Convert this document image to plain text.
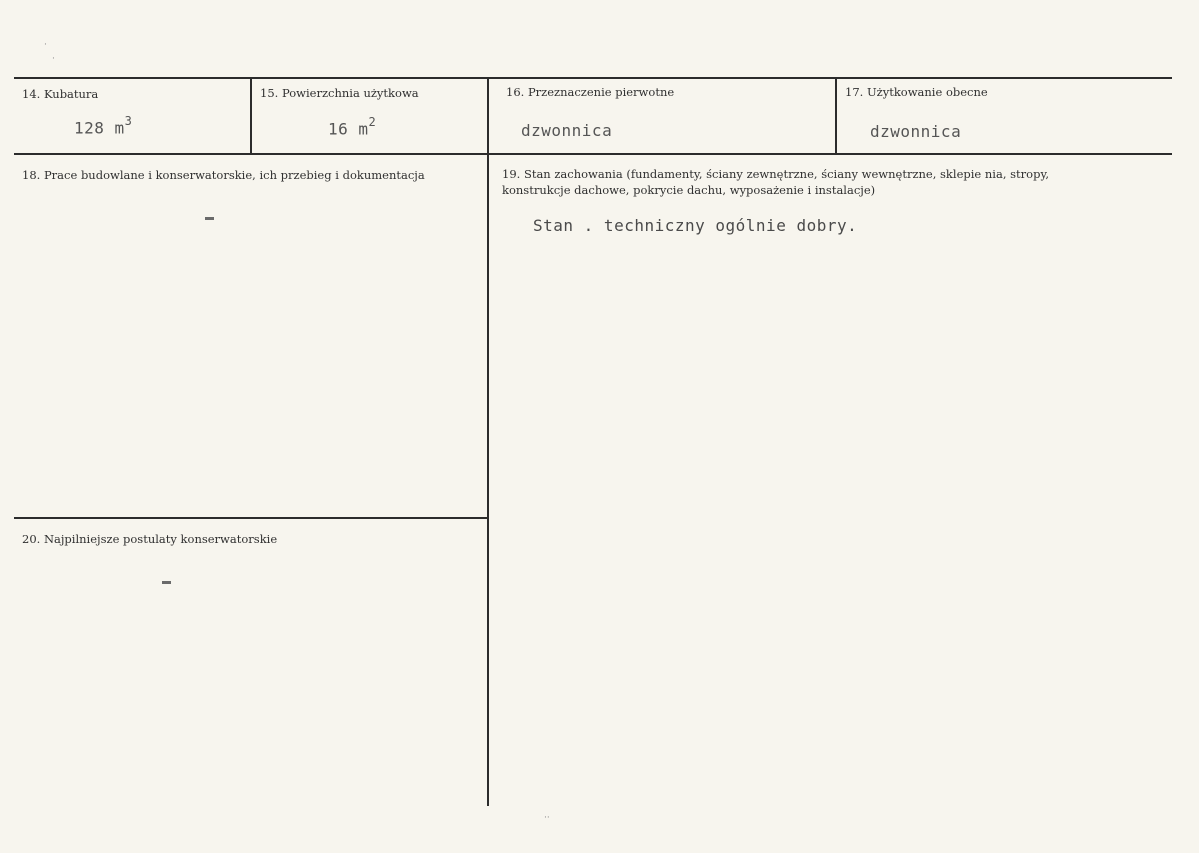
14. Kubatura
128 $m^3$
15. Powierzchnia użytkowa
16 $m^2$
16. Przeznaczenie pierwotne
dzwonnica
17. Użytkowanie obecne
dzwonnica
18. Prace budowlane i konserwatorskie, ich przebieg i dokumentacja	19. Stan zachowania (fundamenty, ściany zewnętrzne, ściany wewnętrzne, sklepie nia, stropy,
konstrukcje dachowe, pokrycie dachu, wyposażenie i instalacje)
Stan . techniczny ogólnie dobry.
20. Najpilniejsze postulaty konserwatorskie
·
·
··
